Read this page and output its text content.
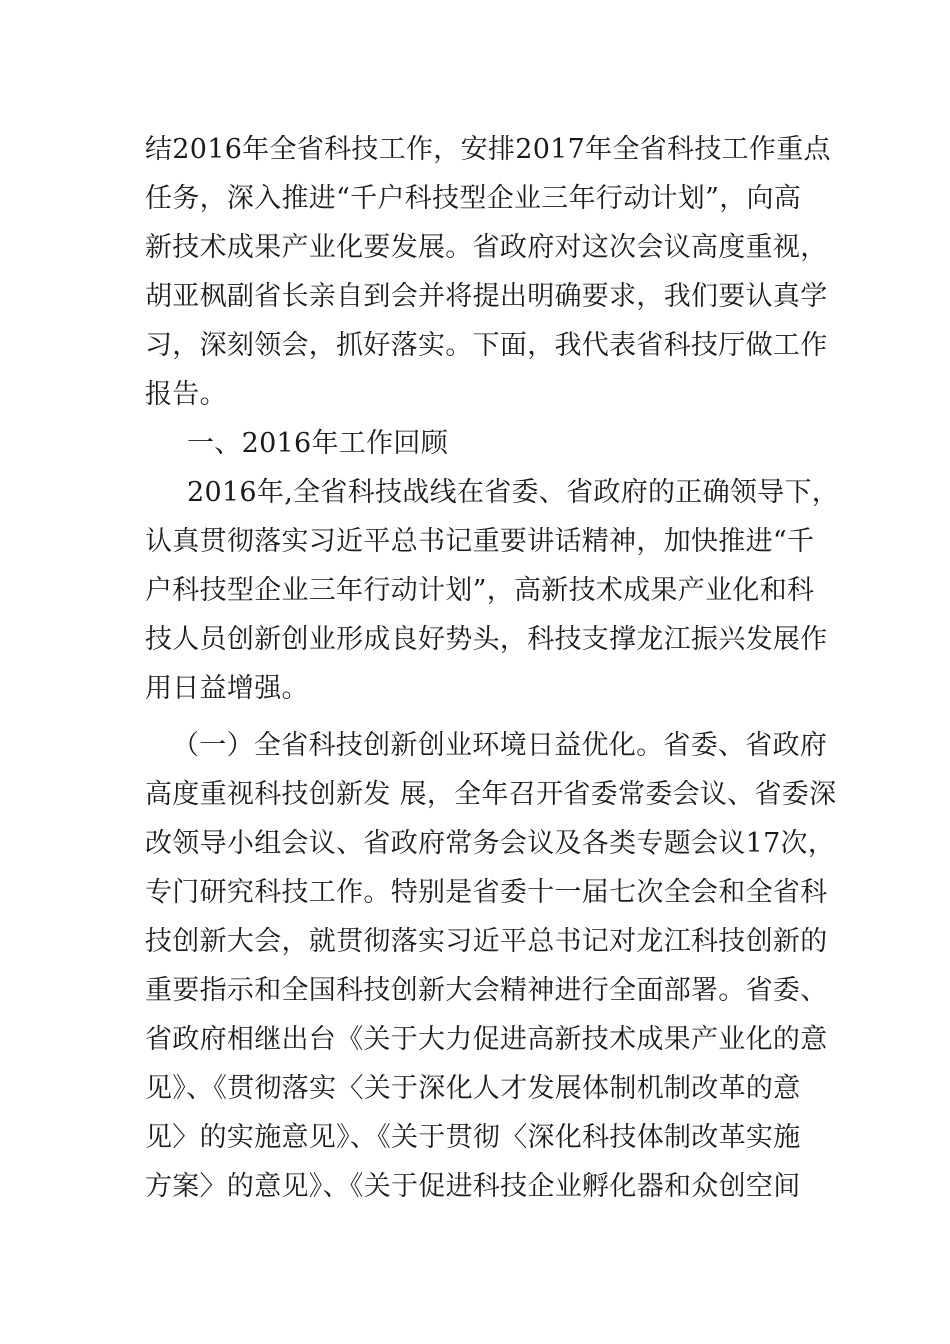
结2016年全省科技工作，安排2017年全省科技工作重点
任务，深入推进“千户科技型企业三年行动计划”，向高
新技术成果产业化要发展。省政府对这次会议高度重视，
胡亚枫副省长亲自到会并将提出明确要求，我们要认真学
习，深刻领会，抓好落实。下面，我代表省科技厅做工作
报告。
一、2016年工作回顾
2016年,全省科技战线在省委、省政府的正确领导下，
认真贯彻落实习近平总书记重要讲话精神，加快推进“千
户科技型企业三年行动计划”，高新技术成果产业化和科
技人员创新创业形成良好势头，科技支撑龙江振兴发展作
用日益增强。
（一）全省科技创新创业环境日益优化。省委、省政府
高度重视科技创新发 展，全年召开省委常委会议、省委深
改领导小组会议、省政府常务会议及各类专题会议17次，
专门研究科技工作。特别是省委十一届七次全会和全省科
技创新大会，就贯彻落实习近平总书记对龙江科技创新的
重要指示和全国科技创新大会精神进行全面部署。省委、
省政府相继出台《关于大力促进高新技术成果产业化的意
见》、《贯彻落实〈关于深化人才发展体制机制改革的意
见〉的实施意见》、《关于贯彻〈深化科技体制改革实施
方案〉的意见》、《关于促进科技企业孵化器和众创空间
